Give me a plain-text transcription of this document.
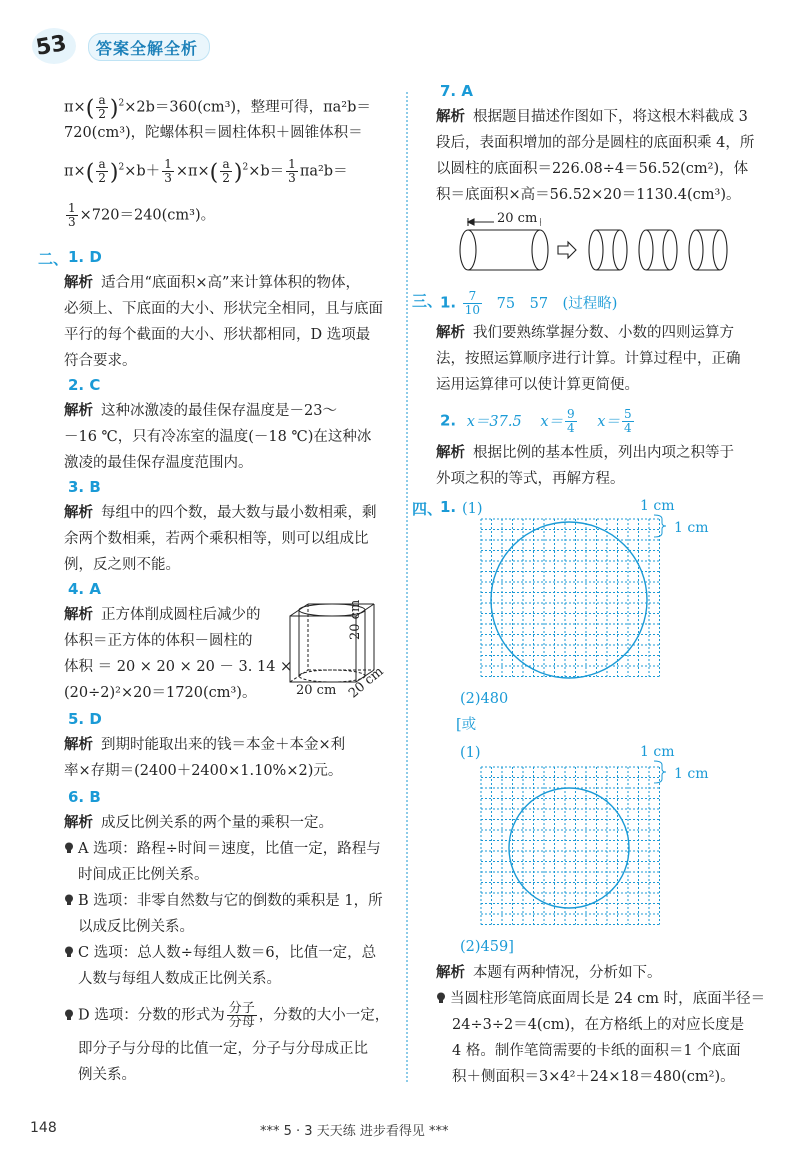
53 答案全解全析
$\pi\times( \frac{a}{2} )^2\times 2b=360(cm^3)$，整理可得，πa²b＝
720(cm³)，陀螺体积＝圆柱体积＋圆锥体积＝
$\pi\times( \frac{a}{2} )^2\times b+ \frac{1}{3} \times\pi\times( \frac{a}{2} )^2\times b= \frac{1}{3} \pi a^2b=$
$\frac{1}{3} \times 720=240(cm^3)$。
二、 1. D
解析 适合用“底面积×高”来计算体积的物体，
必须上、下底面的大小、形状完全相同，且与底面
平行的每个截面的大小、形状都相同，D 选项最
符合要求。
2. C
解析 这种冰激凌的最佳保存温度是－23～
－16 ℃，只有冷冻室的温度(－18 ℃)在这种冰
激凌的最佳保存温度范围内。
3. B
解析 每组中的四个数，最大数与最小数相乘，剩
余两个数相乘，若两个乘积相等，则可以组成比
例，反之则不能。
4. A
解析 正方体削成圆柱后减少的
体积＝正方体的体积－圆柱的
体积 ＝ 20 × 20 × 20 － 3. 14 ×
(20÷2)²×20＝1720(cm³)。
20 cm
20 cm 20 cm
5. D
解析 到期时能取出来的钱＝本金＋本金×利
率×存期＝(2400＋2400×1.10%×2)元。
6. B
解析 成反比例关系的两个量的乘积一定。
A 选项：路程÷时间＝速度，比值一定，路程与
时间成正比例关系。
B 选项：非零自然数与它的倒数的乘积是 1，所
以成反比例关系。
C 选项：总人数÷每组人数＝6，比值一定，总
人数与每组人数成正比例关系。
D 选项：分数的形式为 $\frac{\text{分子}}{\text{分母}}$ ，分数的大小一定，
即分子与分母的比值一定，分子与分母成正比
例关系。
7. A
解析 根据题目描述作图如下，将这根木料截成 3
段后，表面积增加的部分是圆柱的底面积乘 4，所
以圆柱的底面积＝226.08÷4＝56.52(cm²)，体
积＝底面积×高＝56.52×20＝1130.4(cm³)。
20 cm
三、
1. $\frac{7}{10} 75$　57　(过程略)
解析 我们要熟练掌握分数、小数的四则运算方
法，按照运算顺序进行计算。计算过程中，正确
运用运算律可以使计算更简便。
2. x＝37.5 $x= \frac{9}{4} x= \frac{5}{4}$
解析 根据比例的基本性质，列出内项之积等于
外项之积的等式，再解方程。
四、
1. (1)	1 cm
1 cm
(2)480
[或
(1)	1 cm
1 cm
(2)459]
解析 本题有两种情况，分析如下。
当圆柱形笔筒底面周长是 24 cm 时，底面半径＝
24÷3÷2＝4(cm)，在方格纸上的对应长度是
4 格。制作笔筒需要的卡纸的面积＝1 个底面
积＋侧面积＝3×4²＋24×18＝480(cm²)。
148	*** 5 · 3 天天练 进步看得见 ***
